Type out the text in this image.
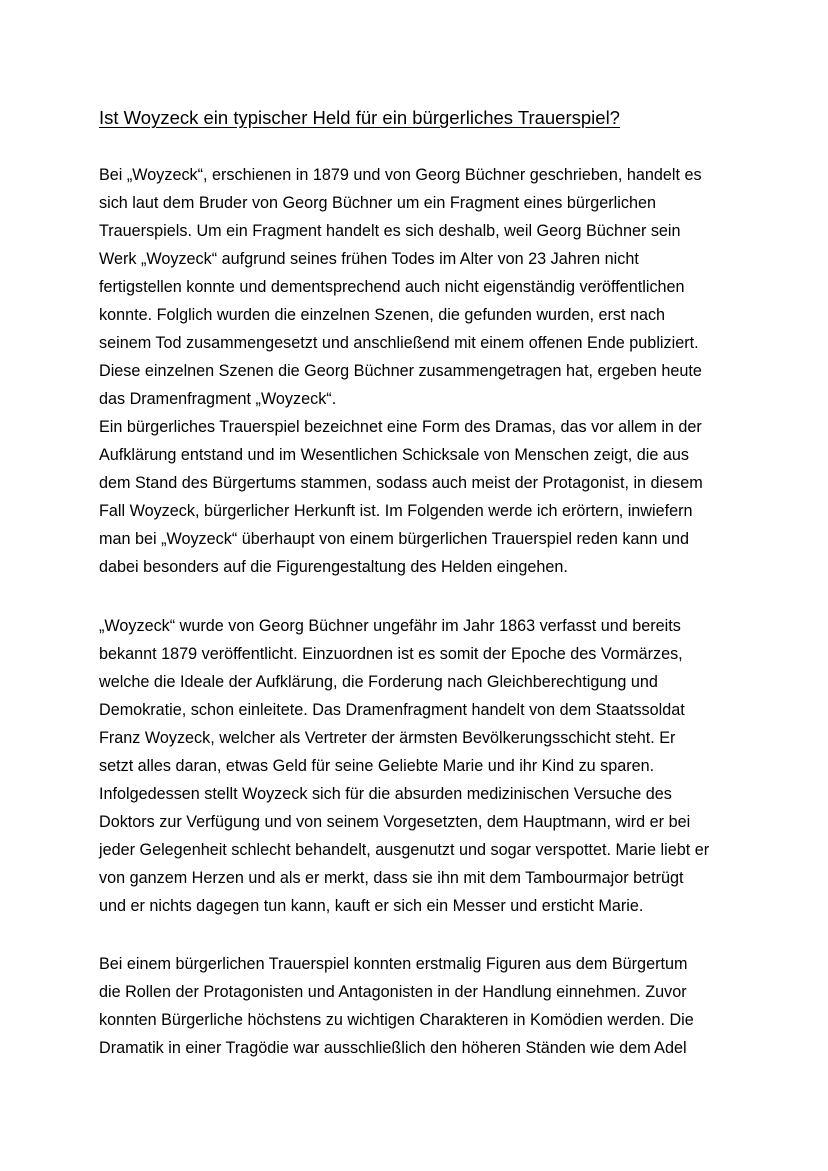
Ist Woyzeck ein typischer Held für ein bürgerliches Trauerspiel?

Bei „Woyzeck“, erschienen in 1879 und von Georg Büchner geschrieben, handelt es

sich laut dem Bruder von Georg Büchner um ein Fragment eines bürgerlichen

Trauerspiels. Um ein Fragment handelt es sich deshalb, weil Georg Büchner sein

Werk „Woyzeck“ aufgrund seines frühen Todes im Alter von 23 Jahren nicht

fertigstellen konnte und dementsprechend auch nicht eigenständig veröffentlichen

konnte. Folglich wurden die einzelnen Szenen, die gefunden wurden, erst nach

seinem Tod zusammengesetzt und anschließend mit einem offenen Ende publiziert.

Diese einzelnen Szenen die Georg Büchner zusammengetragen hat, ergeben heute

das Dramenfragment „Woyzeck“.

Ein bürgerliches Trauerspiel bezeichnet eine Form des Dramas, das vor allem in der

Aufklärung entstand und im Wesentlichen Schicksale von Menschen zeigt, die aus

dem Stand des Bürgertums stammen, sodass auch meist der Protagonist, in diesem

Fall Woyzeck, bürgerlicher Herkunft ist. Im Folgenden werde ich erörtern, inwiefern

man bei „Woyzeck“ überhaupt von einem bürgerlichen Trauerspiel reden kann und

dabei besonders auf die Figurengestaltung des Helden eingehen.

„Woyzeck“ wurde von Georg Büchner ungefähr im Jahr 1863 verfasst und bereits

bekannt 1879 veröffentlicht. Einzuordnen ist es somit der Epoche des Vormärzes,

welche die Ideale der Aufklärung, die Forderung nach Gleichberechtigung und

Demokratie, schon einleitete. Das Dramenfragment handelt von dem Staatssoldat

Franz Woyzeck, welcher als Vertreter der ärmsten Bevölkerungsschicht steht. Er

setzt alles daran, etwas Geld für seine Geliebte Marie und ihr Kind zu sparen.

Infolgedessen stellt Woyzeck sich für die absurden medizinischen Versuche des

Doktors zur Verfügung und von seinem Vorgesetzten, dem Hauptmann, wird er bei

jeder Gelegenheit schlecht behandelt, ausgenutzt und sogar verspottet. Marie liebt er

von ganzem Herzen und als er merkt, dass sie ihn mit dem Tambourmajor betrügt

und er nichts dagegen tun kann, kauft er sich ein Messer und ersticht Marie.

Bei einem bürgerlichen Trauerspiel konnten erstmalig Figuren aus dem Bürgertum

die Rollen der Protagonisten und Antagonisten in der Handlung einnehmen. Zuvor

konnten Bürgerliche höchstens zu wichtigen Charakteren in Komödien werden. Die

Dramatik in einer Tragödie war ausschließlich den höheren Ständen wie dem Adel
